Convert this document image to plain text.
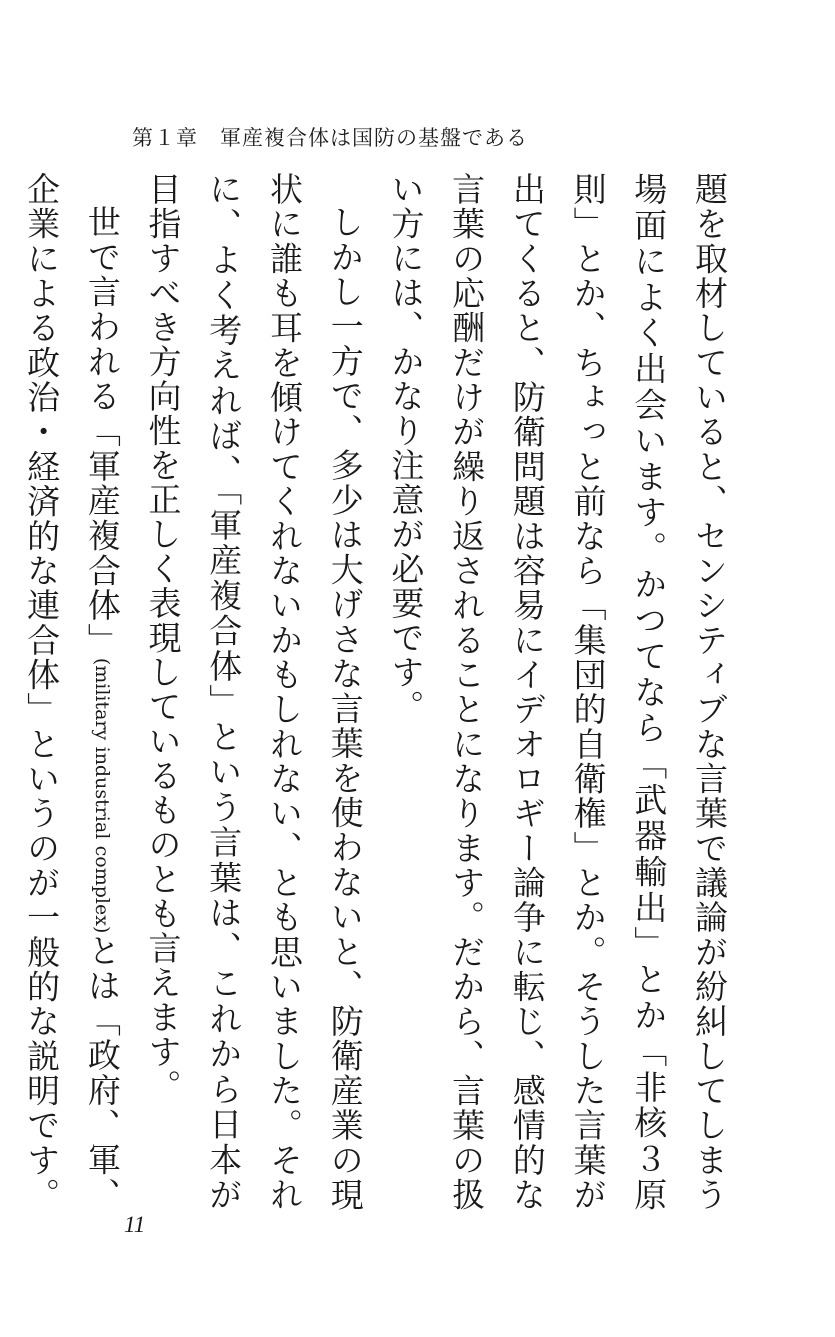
第１章 軍産複合体は国防の基盤である

題を取材していると、センシティブな言葉で議論が紛糾してしまう場面によく出会います。かつてなら「武器輸出」とか「非核３原則」とか、ちょっと前なら「集団的自衛権」とか。そうした言葉が出てくると、防衛問題は容易にイデオロギー論争に転じ、感情的な言葉の応酬だけが繰り返されることになります。だから、言葉の扱い方には、かなり注意が必要です。

しかし一方で、多少は大げさな言葉を使わないと、防衛産業の現状に誰も耳を傾けてくれないかもしれない、とも思いました。それに、よく考えれば、「軍産複合体」という言葉は、これから日本が目指すべき方向性を正しく表現しているものとも言えます。

世で言われる「軍産複合体」(military industrial complex)とは「政府、軍、企業による政治・経済的な連合体」というのが一般的な説明です。

11
